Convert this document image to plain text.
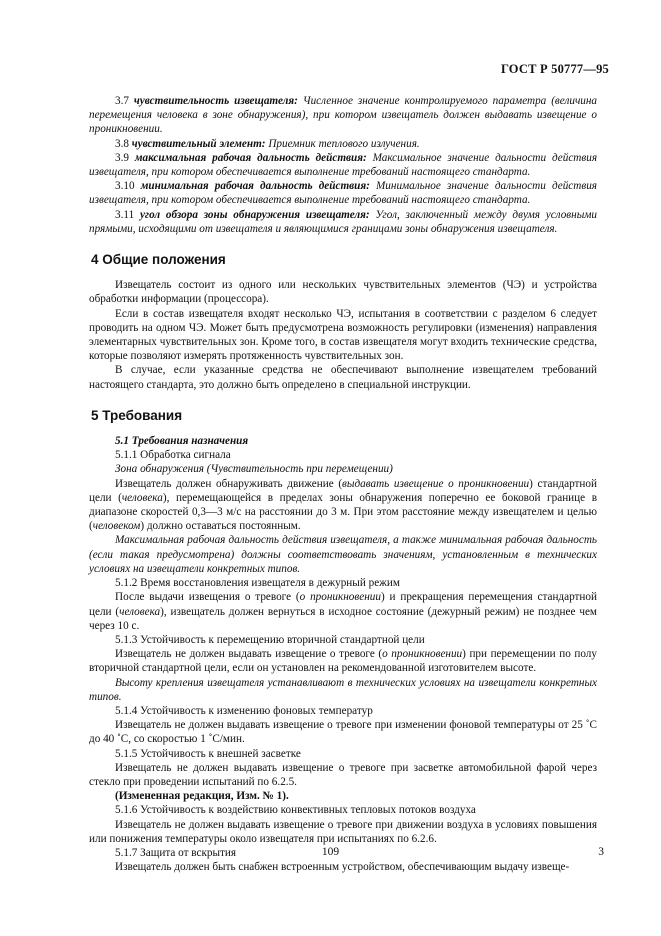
ГОСТ Р 50777—95

3.7 чувствительность извещателя: Численное значение контролируемого параметра (величина перемещения человека в зоне обнаружения), при котором извещатель должен выдавать извещение о проникновении.

3.8 чувствительный элемент: Приемник теплового излучения.

3.9 максимальная рабочая дальность действия: Максимальное значение дальности действия извещателя, при котором обеспечивается выполнение требований настоящего стандарта.

3.10 минимальная рабочая дальность действия: Минимальное значение дальности действия извещателя, при котором обеспечивается выполнение требований настоящего стандарта.

3.11 угол обзора зоны обнаружения извещателя: Угол, заключенный между двумя условными прямыми, исходящими от извещателя и являющимися границами зоны обнаружения извещателя.

4 Общие положения

Извещатель состоит из одного или нескольких чувствительных элементов (ЧЭ) и устройства обработки информации (процессора).

Если в состав извещателя входят несколько ЧЭ, испытания в соответствии с разделом 6 следует проводить на одном ЧЭ. Может быть предусмотрена возможность регулировки (изменения) направления элементарных чувствительных зон. Кроме того, в состав извещателя могут входить технические средства, которые позволяют измерять протяженность чувствительных зон.

В случае, если указанные средства не обеспечивают выполнение извещателем требований настоящего стандарта, это должно быть определено в специальной инструкции.

5 Требования

5.1 Требования назначения

5.1.1 Обработка сигнала

Зона обнаружения (Чувствительность при перемещении)

Извещатель должен обнаруживать движение (выдавать извещение о проникновении) стандартной цели (человека), перемещающейся в пределах зоны обнаружения поперечно ее боковой границе в диапазоне скоростей 0,3—3 м/с на расстоянии до 3 м. При этом расстояние между извещателем и целью (человеком) должно оставаться постоянным.

Максимальная рабочая дальность действия извещателя, а также минимальная рабочая дальность (если такая предусмотрена) должны соответствовать значениям, установленным в технических условиях на извещатели конкретных типов.

5.1.2 Время восстановления извещателя в дежурный режим

После выдачи извещения о тревоге (о проникновении) и прекращения перемещения стандартной цели (человека), извещатель должен вернуться в исходное состояние (дежурный режим) не позднее чем через 10 с.

5.1.3 Устойчивость к перемещению вторичной стандартной цели

Извещатель не должен выдавать извещение о тревоге (о проникновении) при перемещении по полу вторичной стандартной цели, если он установлен на рекомендованной изготовителем высоте.

Высоту крепления извещателя устанавливают в технических условиях на извещатели конкретных типов.

5.1.4 Устойчивость к изменению фоновых температур

Извещатель не должен выдавать извещение о тревоге при изменении фоновой температуры от 25 ˚С до 40 ˚С, со скоростью 1 ˚С/мин.

5.1.5 Устойчивость к внешней засветке

Извещатель не должен выдавать извещение о тревоге при засветке автомобильной фарой через стекло при проведении испытаний по 6.2.5.

(Измененная редакция, Изм. № 1).

5.1.6 Устойчивость к воздействию конвективных тепловых потоков воздуха

Извещатель не должен выдавать извещение о тревоге при движении воздуха в условиях повышения или понижения температуры около извещателя при испытаниях по 6.2.6.

5.1.7 Защита от вскрытия

Извещатель должен быть снабжен встроенным устройством, обеспечивающим выдачу извеще-

109	3
